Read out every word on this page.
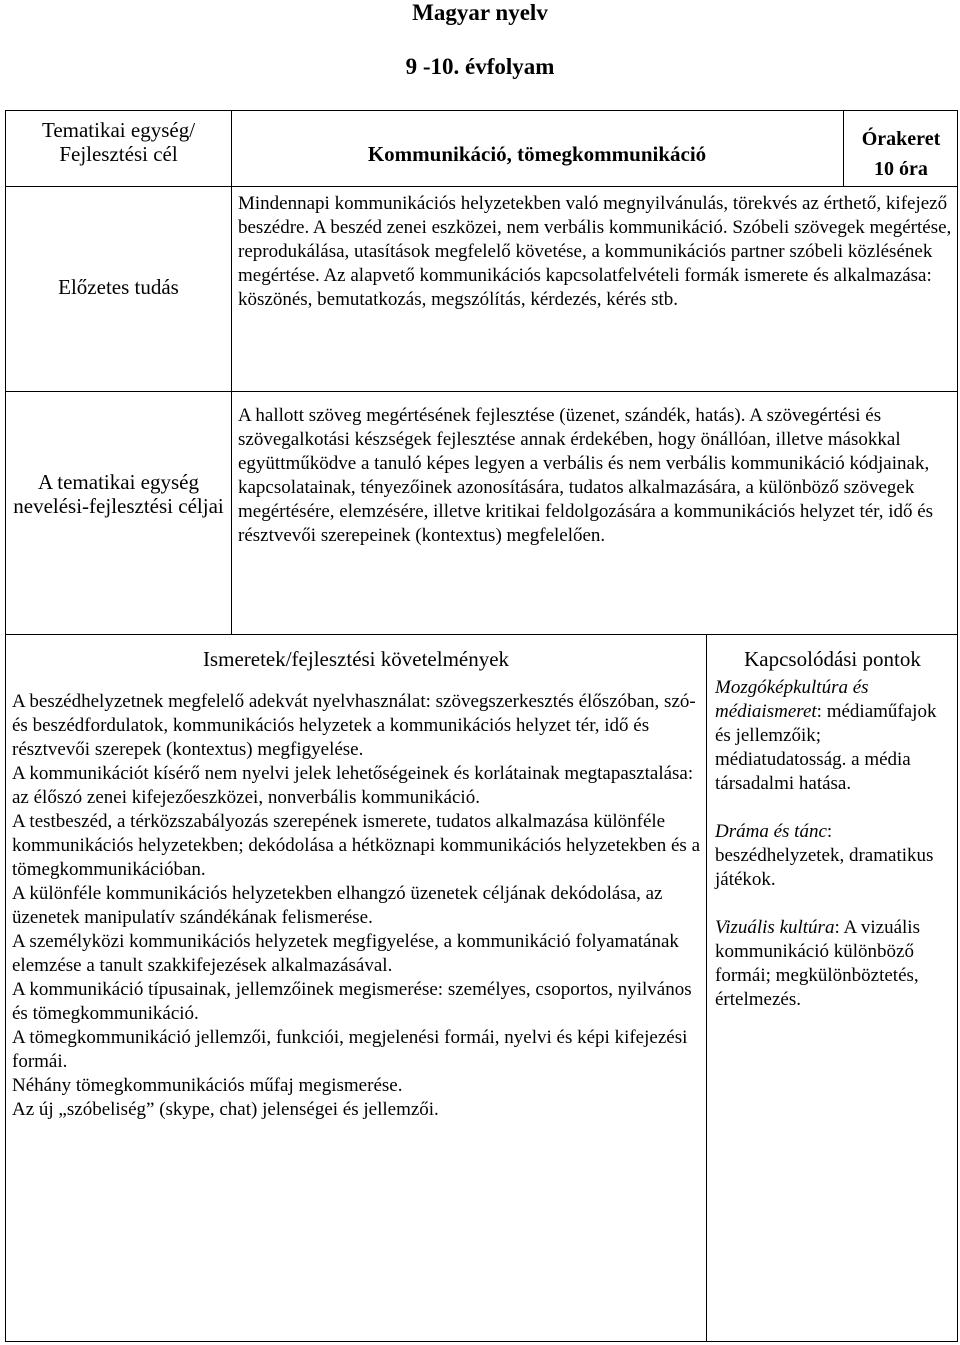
Magyar nyelv
9 -10. évfolyam
Tematikai egység/ Fejlesztési cél	Kommunikáció, tömegkommunikáció
Órakeret
10 óra
Előzetes tudás
Mindennapi kommunikációs helyzetekben való megnyilvánulás, törekvés az érthető, kifejező beszédre. A beszéd zenei eszközei, nem verbális kommunikáció. Szóbeli szövegek megértése, reprodukálása, utasítások megfelelő követése, a kommunikációs partner szóbeli közlésének megértése. Az alapvető kommunikációs kapcsolatfelvételi formák ismerete és alkalmazása: köszönés, bemutatkozás, megszólítás, kérdezés, kérés stb.
A tematikai egység nevelési-fejlesztési céljai
A hallott szöveg megértésének fejlesztése (üzenet, szándék, hatás). A szövegértési és szövegalkotási készségek fejlesztése annak érdekében, hogy önállóan, illetve másokkal együttműködve a tanuló képes legyen a verbális és nem verbális kommunikáció kódjainak, kapcsolatainak, tényezőinek azonosítására, tudatos alkalmazására, a különböző szövegek megértésére, elemzésére, illetve kritikai feldolgozására a kommunikációs helyzet tér, idő és résztvevői szerepeinek (kontextus) megfelelően.
Ismeretek/fejlesztési követelmények

A beszédhelyzetnek megfelelő adekvát nyelvhasználat: szövegszerkesztés élőszóban, szó- és beszédfordulatok, kommunikációs helyzetek a kommunikációs helyzet tér, idő és résztvevői szerepek (kontextus) megfigyelése.

A kommunikációt kísérő nem nyelvi jelek lehetőségeinek és korlátainak megtapasztalása: az élőszó zenei kifejezőeszközei, nonverbális kommunikáció.

A testbeszéd, a térközszabályozás szerepének ismerete, tudatos alkalmazása különféle kommunikációs helyzetekben; dekódolása a hétköznapi kommunikációs helyzetekben és a tömegkommunikációban.

A különféle kommunikációs helyzetekben elhangzó üzenetek céljának dekódolása, az üzenetek manipulatív szándékának felismerése.

A személyközi kommunikációs helyzetek megfigyelése, a kommunikáció folyamatának elemzése a tanult szakkifejezések alkalmazásával.

A kommunikáció típusainak, jellemzőinek megismerése: személyes, csoportos, nyilvános és tömegkommunikáció.

A tömegkommunikáció jellemzői, funkciói, megjelenési formái, nyelvi és képi kifejezési formái.

Néhány tömegkommunikációs műfaj megismerése.

Az új „szóbeliség” (skype, chat) jelenségei és jellemzői.

Kapcsolódási pontok

Mozgóképkultúra és médiaismeret: médiaműfajok és jellemzőik; médiatudatosság. a média társadalmi hatása.

Dráma és tánc: beszédhelyzetek, dramatikus játékok.

Vizuális kultúra: A vizuális kommunikáció különböző formái; megkülönböztetés, értelmezés.
